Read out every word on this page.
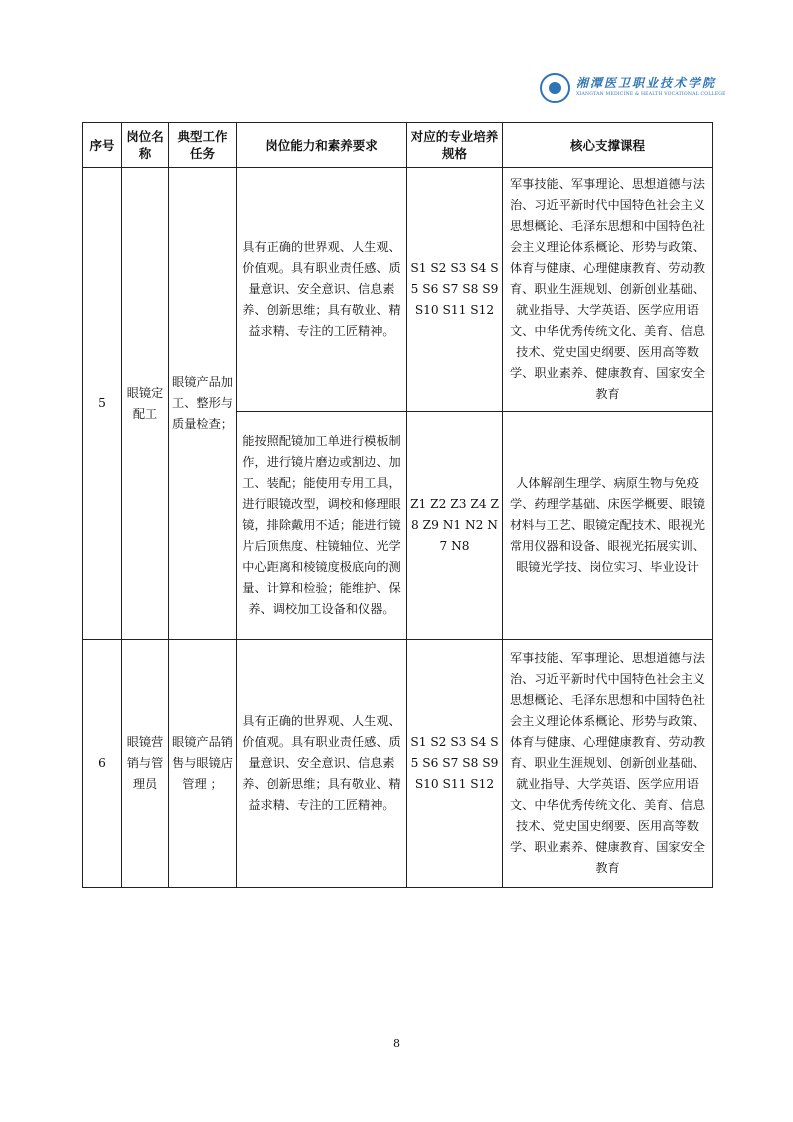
湘潭医卫职业技术学院
XIANGTAN MEDICINE & HEALTH VOCATIONAL COLLEGE
序号	岗位名称	典型工作任务	岗位能力和素养要求	对应的专业培养规格	核心支撑课程
5	眼镜定配工	眼镜产品加工、整形与质量检查；	具有正确的世界观、人生观、价值观。具有职业责任感、质量意识、安全意识、信息素养、创新思维；具有敬业、精益求精、专注的工匠精神。	S1 S2 S3 S4 S5 S6 S7 S8 S9 S10 S11 S12	军事技能、军事理论、思想道德与法治、习近平新时代中国特色社会主义思想概论、毛泽东思想和中国特色社会主义理论体系概论、形势与政策、体育与健康、心理健康教育、劳动教育、职业生涯规划、创新创业基础、就业指导、大学英语、医学应用语文、中华优秀传统文化、美育、信息技术、党史国史纲要、医用高等数学、职业素养、健康教育、国家安全教育
			能按照配镜加工单进行模板制作，进行镜片磨边或割边、加工、装配；能使用专用工具，进行眼镜改型，调校和修理眼镜，排除戴用不适；能进行镜片后顶焦度、柱镜轴位、光学中心距离和棱镜度极底向的测量、计算和检验；能维护、保养、调校加工设备和仪器。	Z1 Z2 Z3 Z4 Z8 Z9 N1 N2 N7 N8	人体解剖生理学、病原生物与免疫学、药理学基础、床医学概要、眼镜材料与工艺、眼镜定配技术、眼视光常用仪器和设备、眼视光拓展实训、眼镜光学技、岗位实习、毕业设计
6	眼镜营销与管理员	眼镜产品销售与眼镜店管理 ；	具有正确的世界观、人生观、价值观。具有职业责任感、质量意识、安全意识、信息素养、创新思维；具有敬业、精益求精、专注的工匠精神。	S1 S2 S3 S4 S5 S6 S7 S8 S9 S10 S11 S12	军事技能、军事理论、思想道德与法治、习近平新时代中国特色社会主义思想概论、毛泽东思想和中国特色社会主义理论体系概论、形势与政策、体育与健康、心理健康教育、劳动教育、职业生涯规划、创新创业基础、就业指导、大学英语、医学应用语文、中华优秀传统文化、美育、信息技术、党史国史纲要、医用高等数学、职业素养、健康教育、国家安全教育
8
